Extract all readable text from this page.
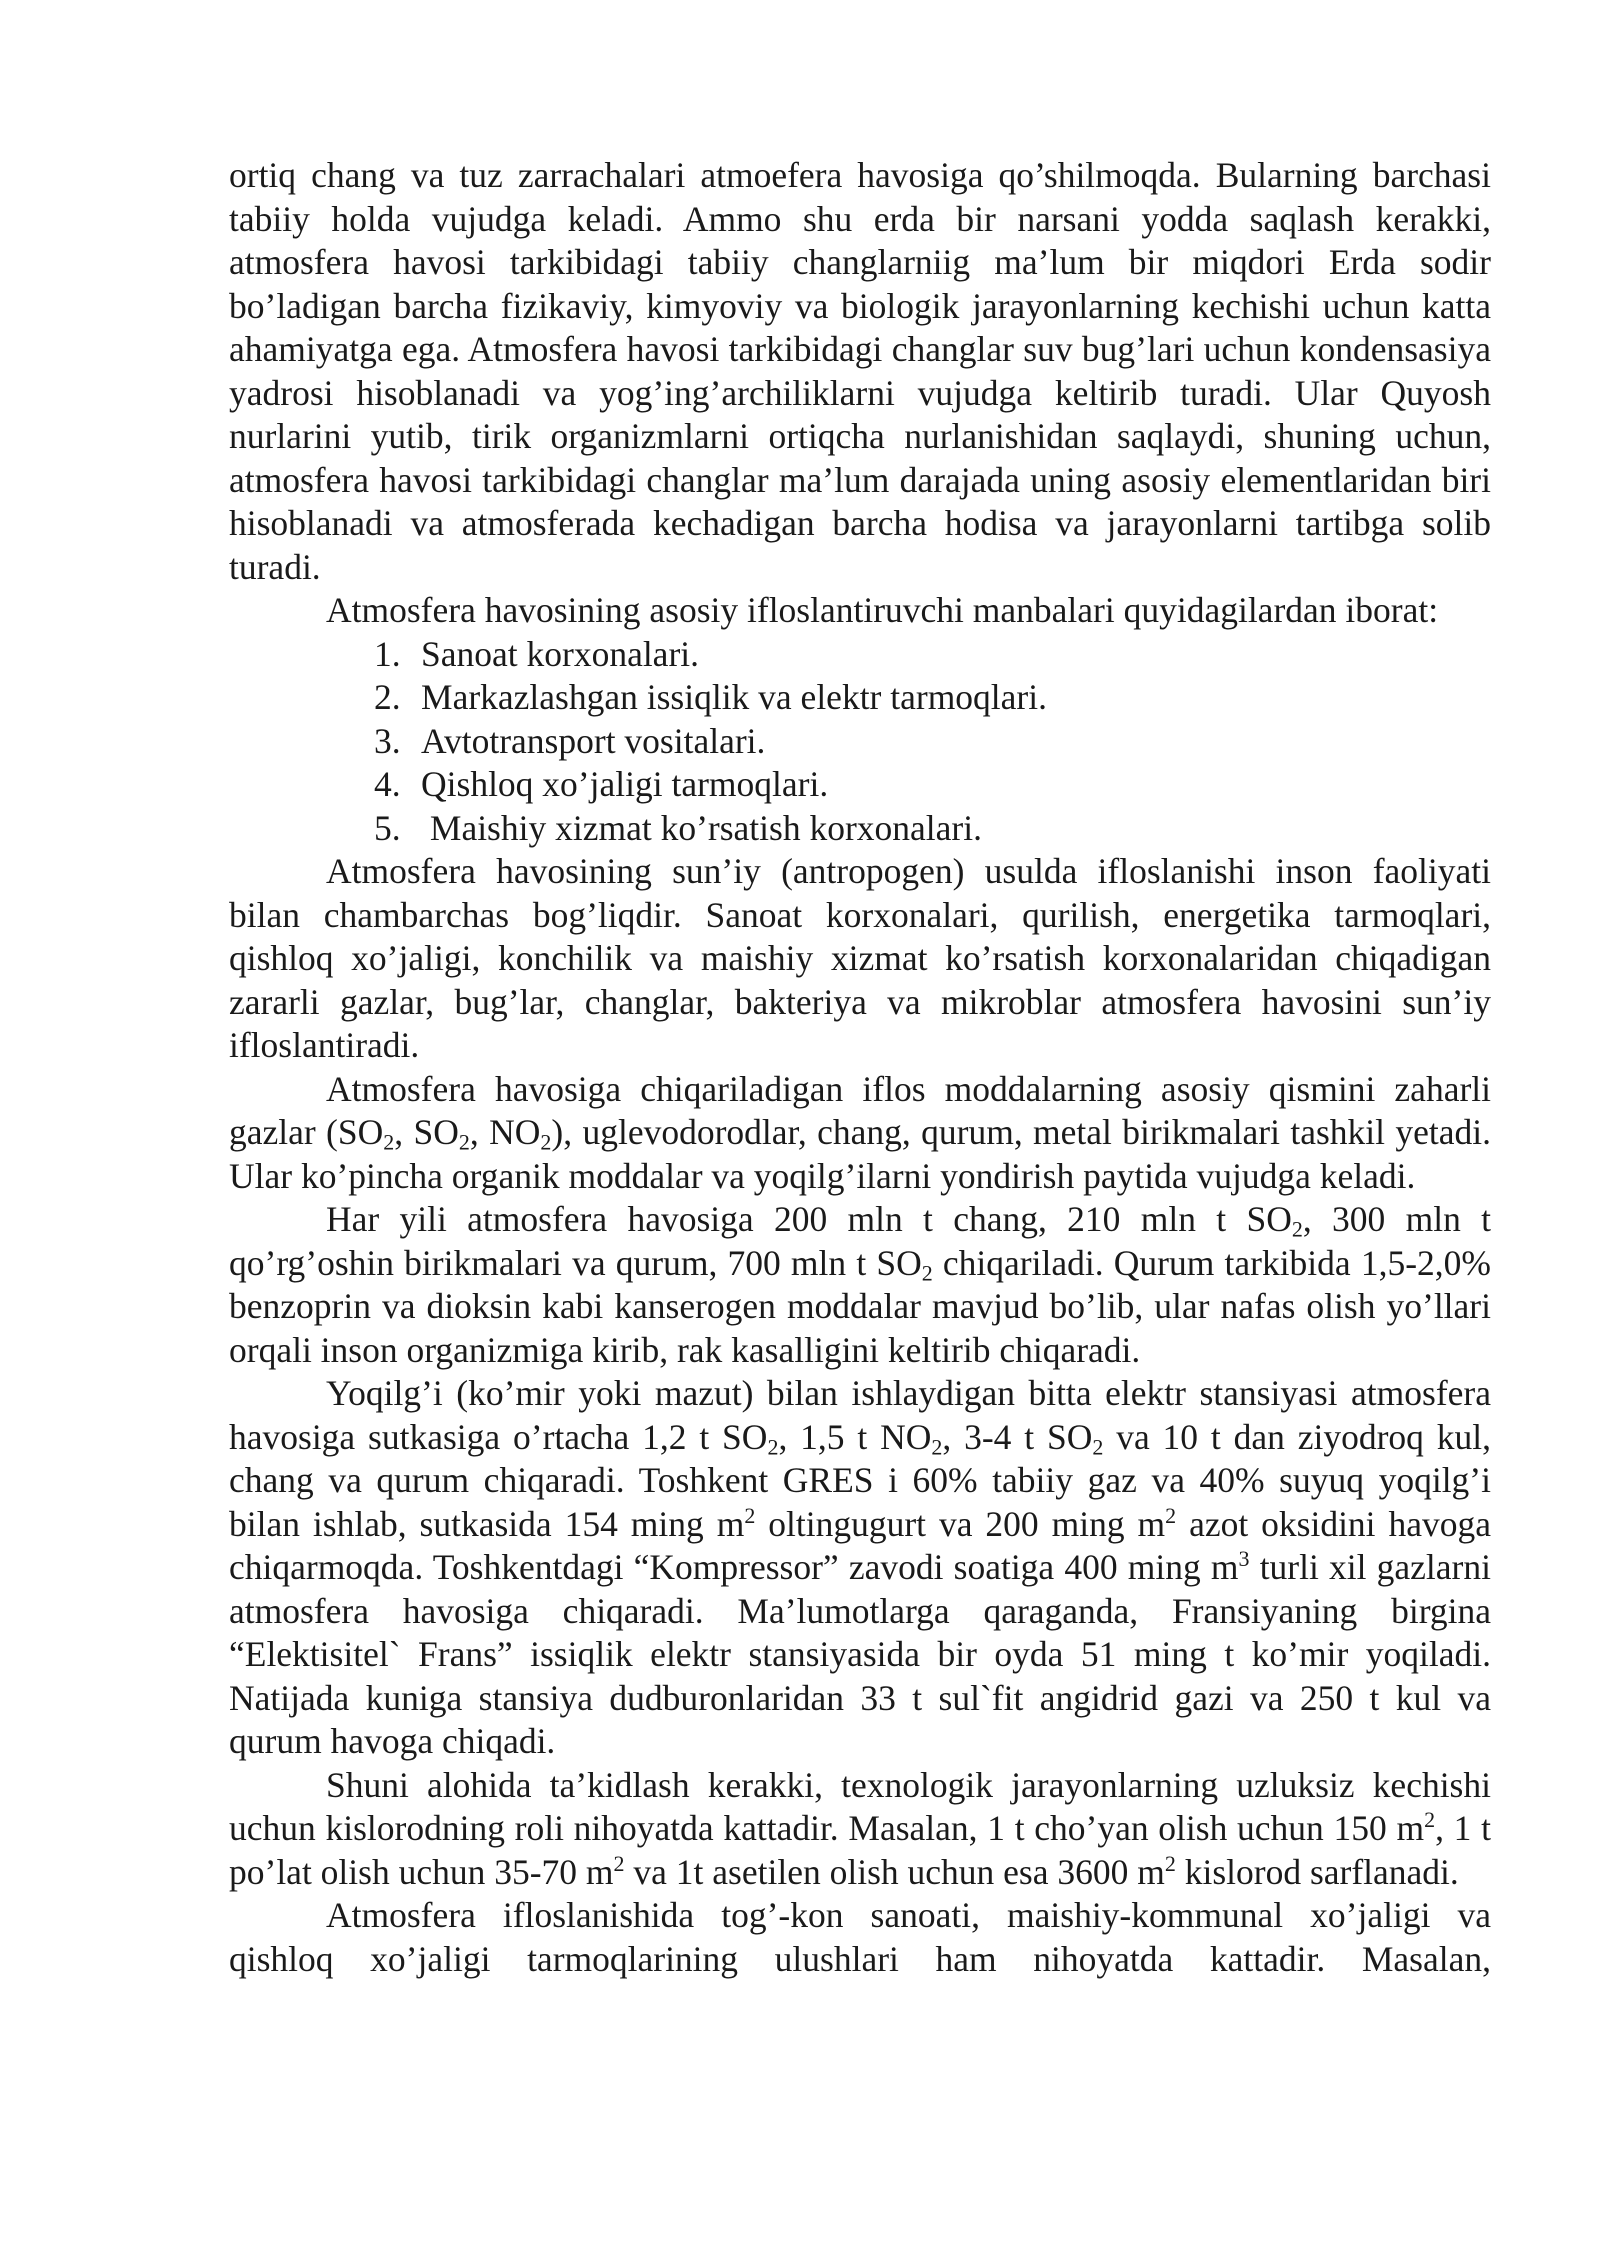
ortiq chang va tuz zarrachalari atmoefera havosiga qo’shilmoqda. Bularning barchasi tabiiy holda vujudga keladi. Ammo shu erda bir narsani yodda saqlash kerakki, atmosfera havosi tarkibidagi tabiiy changlarniig ma’lum bir miqdori Erda sodir bo’ladigan barcha fizikaviy, kimyoviy va biologik jarayonlarning kechishi uchun katta ahamiyatga ega. Atmosfera havosi tarkibidagi changlar suv bug’lari uchun kondensasiya yadrosi hisoblanadi va yog’ing’archiliklarni vujudga keltirib turadi. Ular Quyosh nurlarini yutib, tirik organizmlarni ortiqcha nurlanishidan saqlaydi, shuning uchun, atmosfera havosi tarkibidagi changlar ma’lum darajada uning asosiy elementlaridan biri hisoblanadi va atmosferada kechadigan barcha hodisa va jarayonlarni tartibga solib turadi.

Atmosfera havosining asosiy ifloslantiruvchi manbalari quyidagilardan iborat:

1. Sanoat korxonalari.
2. Markazlashgan issiqlik va elektr tarmoqlari.
3. Avtotransport vositalari.
4. Qishloq xo’jaligi tarmoqlari.
5. Maishiy xizmat ko’rsatish korxonalari.

Atmosfera havosining sun’iy (antropogen) usulda ifloslanishi inson faoliyati bilan chambarchas bog’liqdir. Sanoat korxonalari, qurilish, energetika tarmoqlari, qishloq xo’jaligi, konchilik va maishiy xizmat ko’rsatish korxonalaridan chiqadigan zararli gazlar, bug’lar, changlar, bakteriya va mikroblar atmosfera havosini sun’iy ifloslantiradi.

Atmosfera havosiga chiqariladigan iflos moddalarning asosiy qismini zaharli gazlar ($SO_2$, $SO_2$, $NO_2$), uglevodorodlar, chang, qurum, metal birikmalari tashkil yetadi. Ular ko’pincha organik moddalar va yoqilg’ilarni yondirish paytida vujudga keladi.

Har yili atmosfera havosiga 200 mln t chang, 210 mln t $SO_2$, 300 mln t qo’rg’oshin birikmalari va qurum, 700 mln t $SO_2$ chiqariladi. Qurum tarkibida 1,5-2,0% benzoprin va dioksin kabi kanserogen moddalar mavjud bo’lib, ular nafas olish yo’llari orqali inson organizmiga kirib, rak kasalligini keltirib chiqaradi.

Yoqilg’i (ko’mir yoki mazut) bilan ishlaydigan bitta elektr stansiyasi atmosfera havosiga sutkasiga o’rtacha 1,2 t $SO_2$, 1,5 t $NO_2$, 3-4 t $SO_2$ va 10 t dan ziyodroq kul, chang va qurum chiqaradi. Toshkent GRES i 60% tabiiy gaz va 40% suyuq yoqilg’i bilan ishlab, sutkasida 154 ming $m^2$ oltingugurt va 200 ming $m^2$ azot oksidini havoga chiqarmoqda. Toshkentdagi “Kompressor” zavodi soatiga 400 ming $m^3$ turli xil gazlarni atmosfera havosiga chiqaradi. Ma’lumotlarga qaraganda, Fransiyaning birgina “Elektisitel` Frans” issiqlik elektr stansiyasida bir oyda 51 ming t ko’mir yoqiladi. Natijada kuniga stansiya dudburonlaridan 33 t sul`fit angidrid gazi va 250 t kul va qurum havoga chiqadi.

Shuni alohida ta’kidlash kerakki, texnologik jarayonlarning uzluksiz kechishi uchun kislorodning roli nihoyatda kattadir. Masalan, 1 t cho’yan olish uchun 150 $m^2$, 1 t po’lat olish uchun 35-70 $m^2$ va 1t asetilen olish uchun esa 3600 $m^2$ kislorod sarflanadi.

Atmosfera ifloslanishida tog’-kon sanoati, maishiy-kommunal xo’jaligi va qishloq xo’jaligi tarmoqlarining ulushlari ham nihoyatda kattadir. Masalan,
